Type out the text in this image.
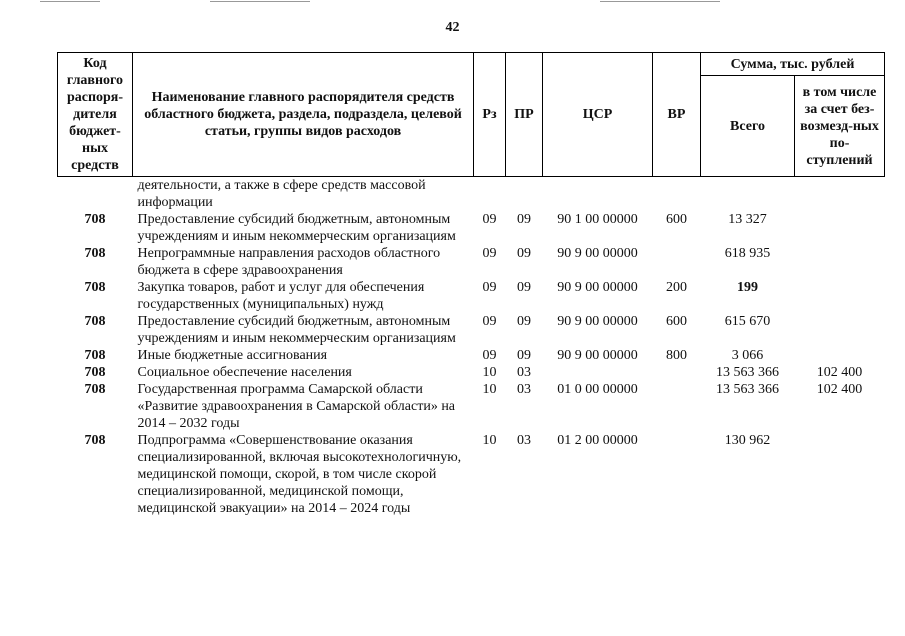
42
Код главного распоря-дителя бюджет-ных средств	Наименование главного распорядителя средств областного бюджета, раздела, подраздела, целевой статьи, группы видов расходов	Рз	ПР	ЦСР	ВР	Сумма, тыс. рублей	
						Всего	в том числе за счет без-возмезд-ных по-ступлений
	деятельности, а также в сфере средств массовой информации						
708	Предоставление субсидий бюджетным, автономным учреждениям и иным некоммерческим организациям	09	09	90 1 00 00000	600	13 327	
708	Непрограммные направления расходов областного бюджета в сфере здравоохранения	09	09	90 9 00 00000		618 935	
708	Закупка товаров, работ и услуг для обеспечения государственных (муниципальных) нужд	09	09	90 9 00 00000	200	199	
708	Предоставление субсидий бюджетным, автономным учреждениям и иным некоммерческим организациям	09	09	90 9 00 00000	600	615 670	
708	Иные бюджетные ассигнования	09	09	90 9 00 00000	800	3 066	
708	Социальное обеспечение населения	10	03			13 563 366	102 400
708	Государственная программа Самарской области «Развитие здравоохранения в Самарской области» на 2014 – 2032 годы	10	03	01 0 00 00000		13 563 366	102 400
708	Подпрограмма «Совершенствование оказания специализированной, включая высокотехнологичную, медицинской помощи, скорой, в том числе скорой специализированной, медицинской помощи, медицинской эвакуации» на 2014 – 2024 годы	10	03	01 2 00 00000		130 962	
